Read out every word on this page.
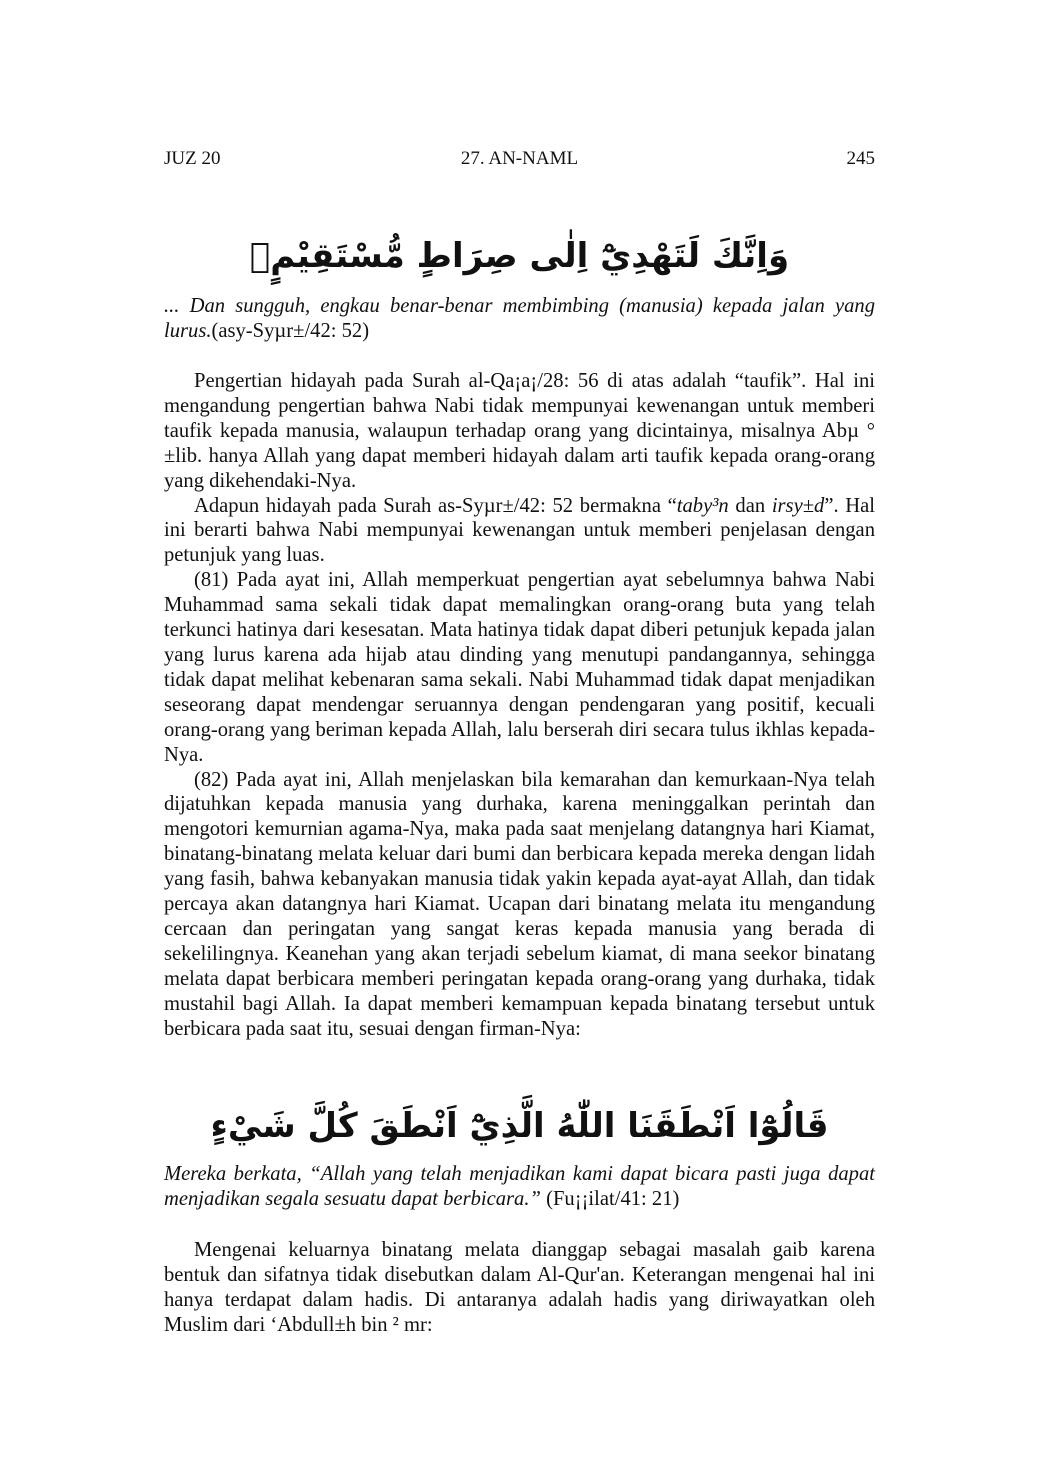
JUZ 20	27. AN-NAML	245
وَاِنَّكَ لَتَهْدِيْٓ اِلٰى صِرَاطٍ مُّسْتَقِيْمٍۙ

... Dan sungguh, engkau benar-benar membimbing (manusia) kepada jalan yang lurus.(asy-Syµr±/42: 52)

Pengertian hidayah pada Surah al-Qa¡a¡/28: 56 di atas adalah “taufik”. Hal ini mengandung pengertian bahwa Nabi tidak mempunyai kewenangan untuk memberi taufik kepada manusia, walaupun terhadap orang yang dicintainya, misalnya Abµ °±lib. hanya Allah yang dapat memberi hidayah dalam arti taufik kepada orang-orang yang dikehendaki-Nya.

Adapun hidayah pada Surah as-Syµr±/42: 52 bermakna “taby³n dan irsy±d”. Hal ini berarti bahwa Nabi mempunyai kewenangan untuk memberi penjelasan dengan petunjuk yang luas.

(81) Pada ayat ini, Allah memperkuat pengertian ayat sebelumnya bahwa Nabi Muhammad sama sekali tidak dapat memalingkan orang-orang buta yang telah terkunci hatinya dari kesesatan. Mata hatinya tidak dapat diberi petunjuk kepada jalan yang lurus karena ada hijab atau dinding yang menutupi pandangannya, sehingga tidak dapat melihat kebenaran sama sekali. Nabi Muhammad tidak dapat menjadikan seseorang dapat mendengar seruannya dengan pendengaran yang positif, kecuali orang-orang yang beriman kepada Allah, lalu berserah diri secara tulus ikhlas kepada-Nya.

(82) Pada ayat ini, Allah menjelaskan bila kemarahan dan kemurkaan-Nya telah dijatuhkan kepada manusia yang durhaka, karena meninggalkan perintah dan mengotori kemurnian agama-Nya, maka pada saat menjelang datangnya hari Kiamat, binatang-binatang melata keluar dari bumi dan berbicara kepada mereka dengan lidah yang fasih, bahwa kebanyakan manusia tidak yakin kepada ayat-ayat Allah, dan tidak percaya akan datangnya hari Kiamat. Ucapan dari binatang melata itu mengandung cercaan dan peringatan yang sangat keras kepada manusia yang berada di sekelilingnya. Keanehan yang akan terjadi sebelum kiamat, di mana seekor binatang melata dapat berbicara memberi peringatan kepada orang-orang yang durhaka, tidak mustahil bagi Allah. Ia dapat memberi kemampuan kepada binatang tersebut untuk berbicara pada saat itu, sesuai dengan firman-Nya:

قَالُوْٓا اَنْطَقَنَا اللّٰهُ الَّذِيْٓ اَنْطَقَ كُلَّ شَيْءٍ

Mereka berkata, “Allah yang telah menjadikan kami dapat bicara pasti juga dapat menjadikan segala sesuatu dapat berbicara.” (Fu¡¡ilat/41: 21)

Mengenai keluarnya binatang melata dianggap sebagai masalah gaib karena bentuk dan sifatnya tidak disebutkan dalam Al-Qur'an. Keterangan mengenai hal ini hanya terdapat dalam hadis. Di antaranya adalah hadis yang diriwayatkan oleh Muslim dari ‘Abdull±h bin ² mr:
